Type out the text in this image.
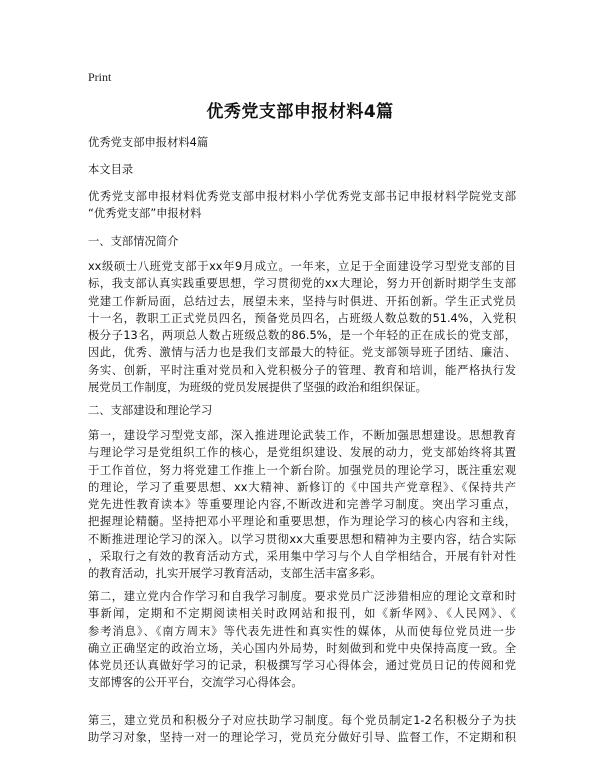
Print
优秀党支部申报材料4篇
优秀党支部申报材料4篇
本文目录
优秀党支部申报材料优秀党支部申报材料小学优秀党支部书记申报材料学院党支部
“优秀党支部”申报材料
一、支部情况简介
xx级硕士八班党支部于xx年9月成立。一年来，立足于全面建设学习型党支部的目
标，我支部认真实践重要思想，学习贯彻党的xx大理论，努力开创新时期学生支部
党建工作新局面，总结过去，展望未来，坚持与时俱进、开拓创新。学生正式党员
十一名，教职工正式党员四名，预备党员四名，占班级人数总数的51.4%，入党积
极分子13名，两项总人数占班级总数的86.5%，是一个年轻的正在成长的党支部，
因此，优秀、激情与活力也是我们支部最大的特征。党支部领导班子团结、廉洁、
务实、创新，平时注重对党员和入党积极分子的管理、教育和培训，能严格执行发
展党员工作制度，为班级的党员发展提供了坚强的政治和组织保证。
二、支部建设和理论学习
第一，建设学习型党支部，深入推进理论武装工作，不断加强思想建设。思想教育
与理论学习是党组织工作的核心，是党组织建设、发展的动力，党支部始终将其置
于工作首位，努力将党建工作推上一个新台阶。加强党员的理论学习，既注重宏观
的理论，学习了重要思想、xx大精神、新修订的《中国共产党章程》、《保持共产
党先进性教育读本》等重要理论内容,不断改进和完善学习制度。突出学习重点，
把握理论精髓。坚持把邓小平理论和重要思想，作为理论学习的核心内容和主线，
不断推进理论学习的深入。以学习贯彻xx大重要思想和精神为主要内容，结合实际
，采取行之有效的教育活动方式，采用集中学习与个人自学相结合，开展有针对性
的教育活动，扎实开展学习教育活动，支部生活丰富多彩。
第二，建立党内合作学习和自我学习制度。要求党员广泛涉猎相应的理论文章和时
事新闻，定期和不定期阅读相关时政网站和报刊，如《新华网》、《人民网》、《
参考消息》、《南方周末》等代表先进性和真实性的媒体，从而使每位党员进一步
确立正确坚定的政治立场，关心国内外局势，时刻做到和党中央保持高度一致。全
体党员还认真做好学习的记录，积极撰写学习心得体会，通过党员日记的传阅和党
支部博客的公开平台，交流学习心得体会。
第三，建立党员和积极分子对应扶助学习制度。每个党员制定1-2名积极分子为扶
助学习对象，坚持一对一的理论学习，党员充分做好引导、监督工作，不定期和积
